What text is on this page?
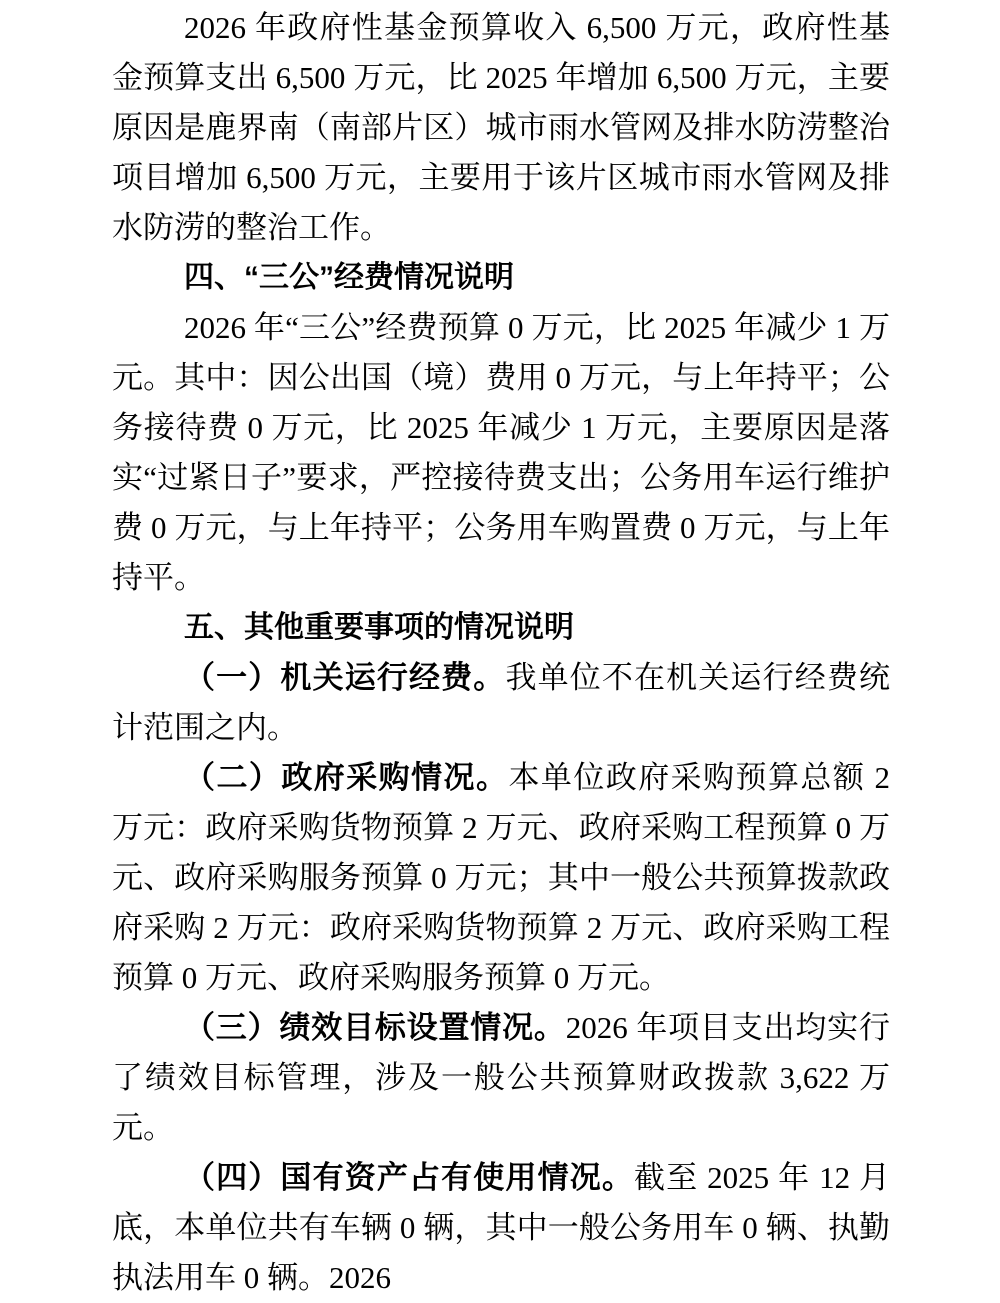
2026 年政府性基金预算收入 6,500 万元，政府性基金预算支出 6,500 万元，比 2025 年增加 6,500 万元，主要原因是鹿界南（南部片区）城市雨水管网及排水防涝整治项目增加 6,500 万元，主要用于该片区城市雨水管网及排水防涝的整治工作。

四、“三公”经费情况说明

2026 年“三公”经费预算 0 万元，比 2025 年减少 1 万元。其中：因公出国（境）费用 0 万元，与上年持平；公务接待费 0 万元，比 2025 年减少 1 万元，主要原因是落实“过紧日子”要求，严控接待费支出；公务用车运行维护费 0 万元，与上年持平；公务用车购置费 0 万元，与上年持平。

五、其他重要事项的情况说明

（一）机关运行经费。我单位不在机关运行经费统计范围之内。

（二）政府采购情况。本单位政府采购预算总额 2 万元：政府采购货物预算 2 万元、政府采购工程预算 0 万元、政府采购服务预算 0 万元；其中一般公共预算拨款政府采购 2 万元：政府采购货物预算 2 万元、政府采购工程预算 0 万元、政府采购服务预算 0 万元。

（三）绩效目标设置情况。2026 年项目支出均实行了绩效目标管理，涉及一般公共预算财政拨款 3,622 万元。

（四）国有资产占有使用情况。截至 2025 年 12 月底，本单位共有车辆 0 辆，其中一般公务用车 0 辆、执勤执法用车 0 辆。2026
